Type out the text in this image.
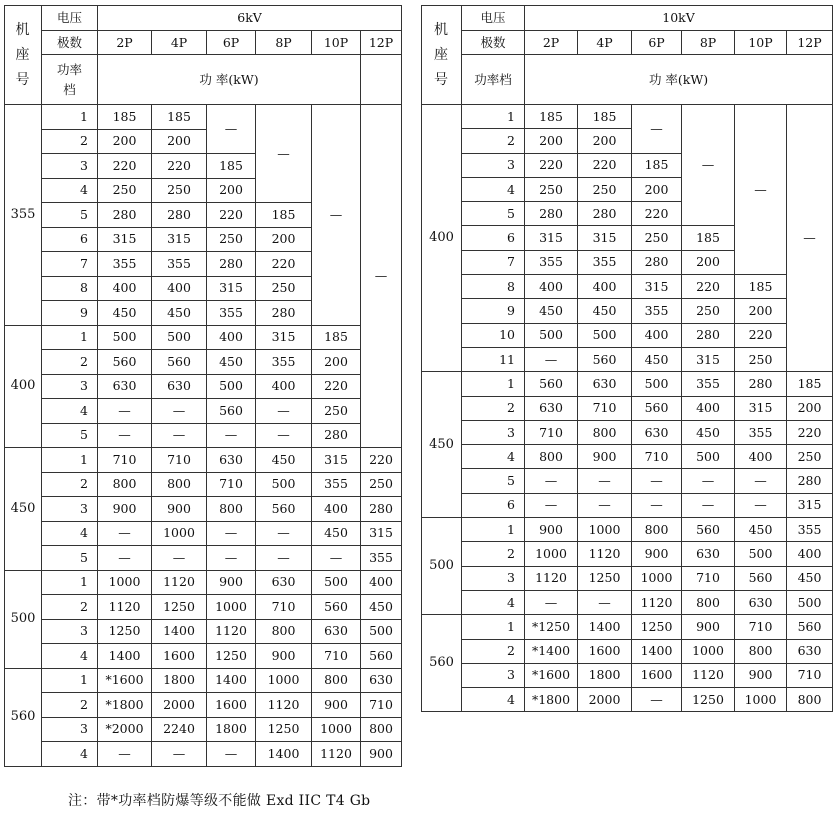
机
座
号	电压	6kV					
	极数	2P	4P	6P	8P	10P	12P
	功率
档	功 率(kW)					
355	1	185	185	—	—	—	—
	2	200	200				
	3	220	220	185			
	4	250	250	200			
	5	280	280	220	185		
	6	315	315	250	200		
	7	355	355	280	220		
	8	400	400	315	250		
	9	450	450	355	280		
400	1	500	500	400	315	185	
	2	560	560	450	355	200	
	3	630	630	500	400	220	
	4	—	—	560	—	250	
	5	—	—	—	—	280	
450	1	710	710	630	450	315	220
	2	800	800	710	500	355	250
	3	900	900	800	560	400	280
	4	—	1000	—	—	450	315
	5	—	—	—	—	—	355
500	1	1000	1120	900	630	500	400
	2	1120	1250	1000	710	560	450
	3	1250	1400	1120	800	630	500
	4	1400	1600	1250	900	710	560
560	1	*1600	1800	1400	1000	800	630
	2	*1800	2000	1600	1120	900	710
	3	*2000	2240	1800	1250	1000	800
	4	—	—	—	1400	1120	900
机
座
号	电压	10kV					
	极数	2P	4P	6P	8P	10P	12P
	功率档	功 率(kW)					
400	1	185	185	—	—	—	—
	2	200	200				
	3	220	220	185			
	4	250	250	200			
	5	280	280	220			
	6	315	315	250	185		
	7	355	355	280	200		
	8	400	400	315	220	185	
	9	450	450	355	250	200	
	10	500	500	400	280	220	
	11	—	560	450	315	250	
450	1	560	630	500	355	280	185
	2	630	710	560	400	315	200
	3	710	800	630	450	355	220
	4	800	900	710	500	400	250
	5	—	—	—	—	—	280
	6	—	—	—	—	—	315
500	1	900	1000	800	560	450	355
	2	1000	1120	900	630	500	400
	3	1120	1250	1000	710	560	450
	4	—	—	1120	800	630	500
560	1	*1250	1400	1250	900	710	560
	2	*1400	1600	1400	1000	800	630
	3	*1600	1800	1600	1120	900	710
	4	*1800	2000	—	1250	1000	800
注：带*功率档防爆等级不能做 Exd IIC T4 Gb
